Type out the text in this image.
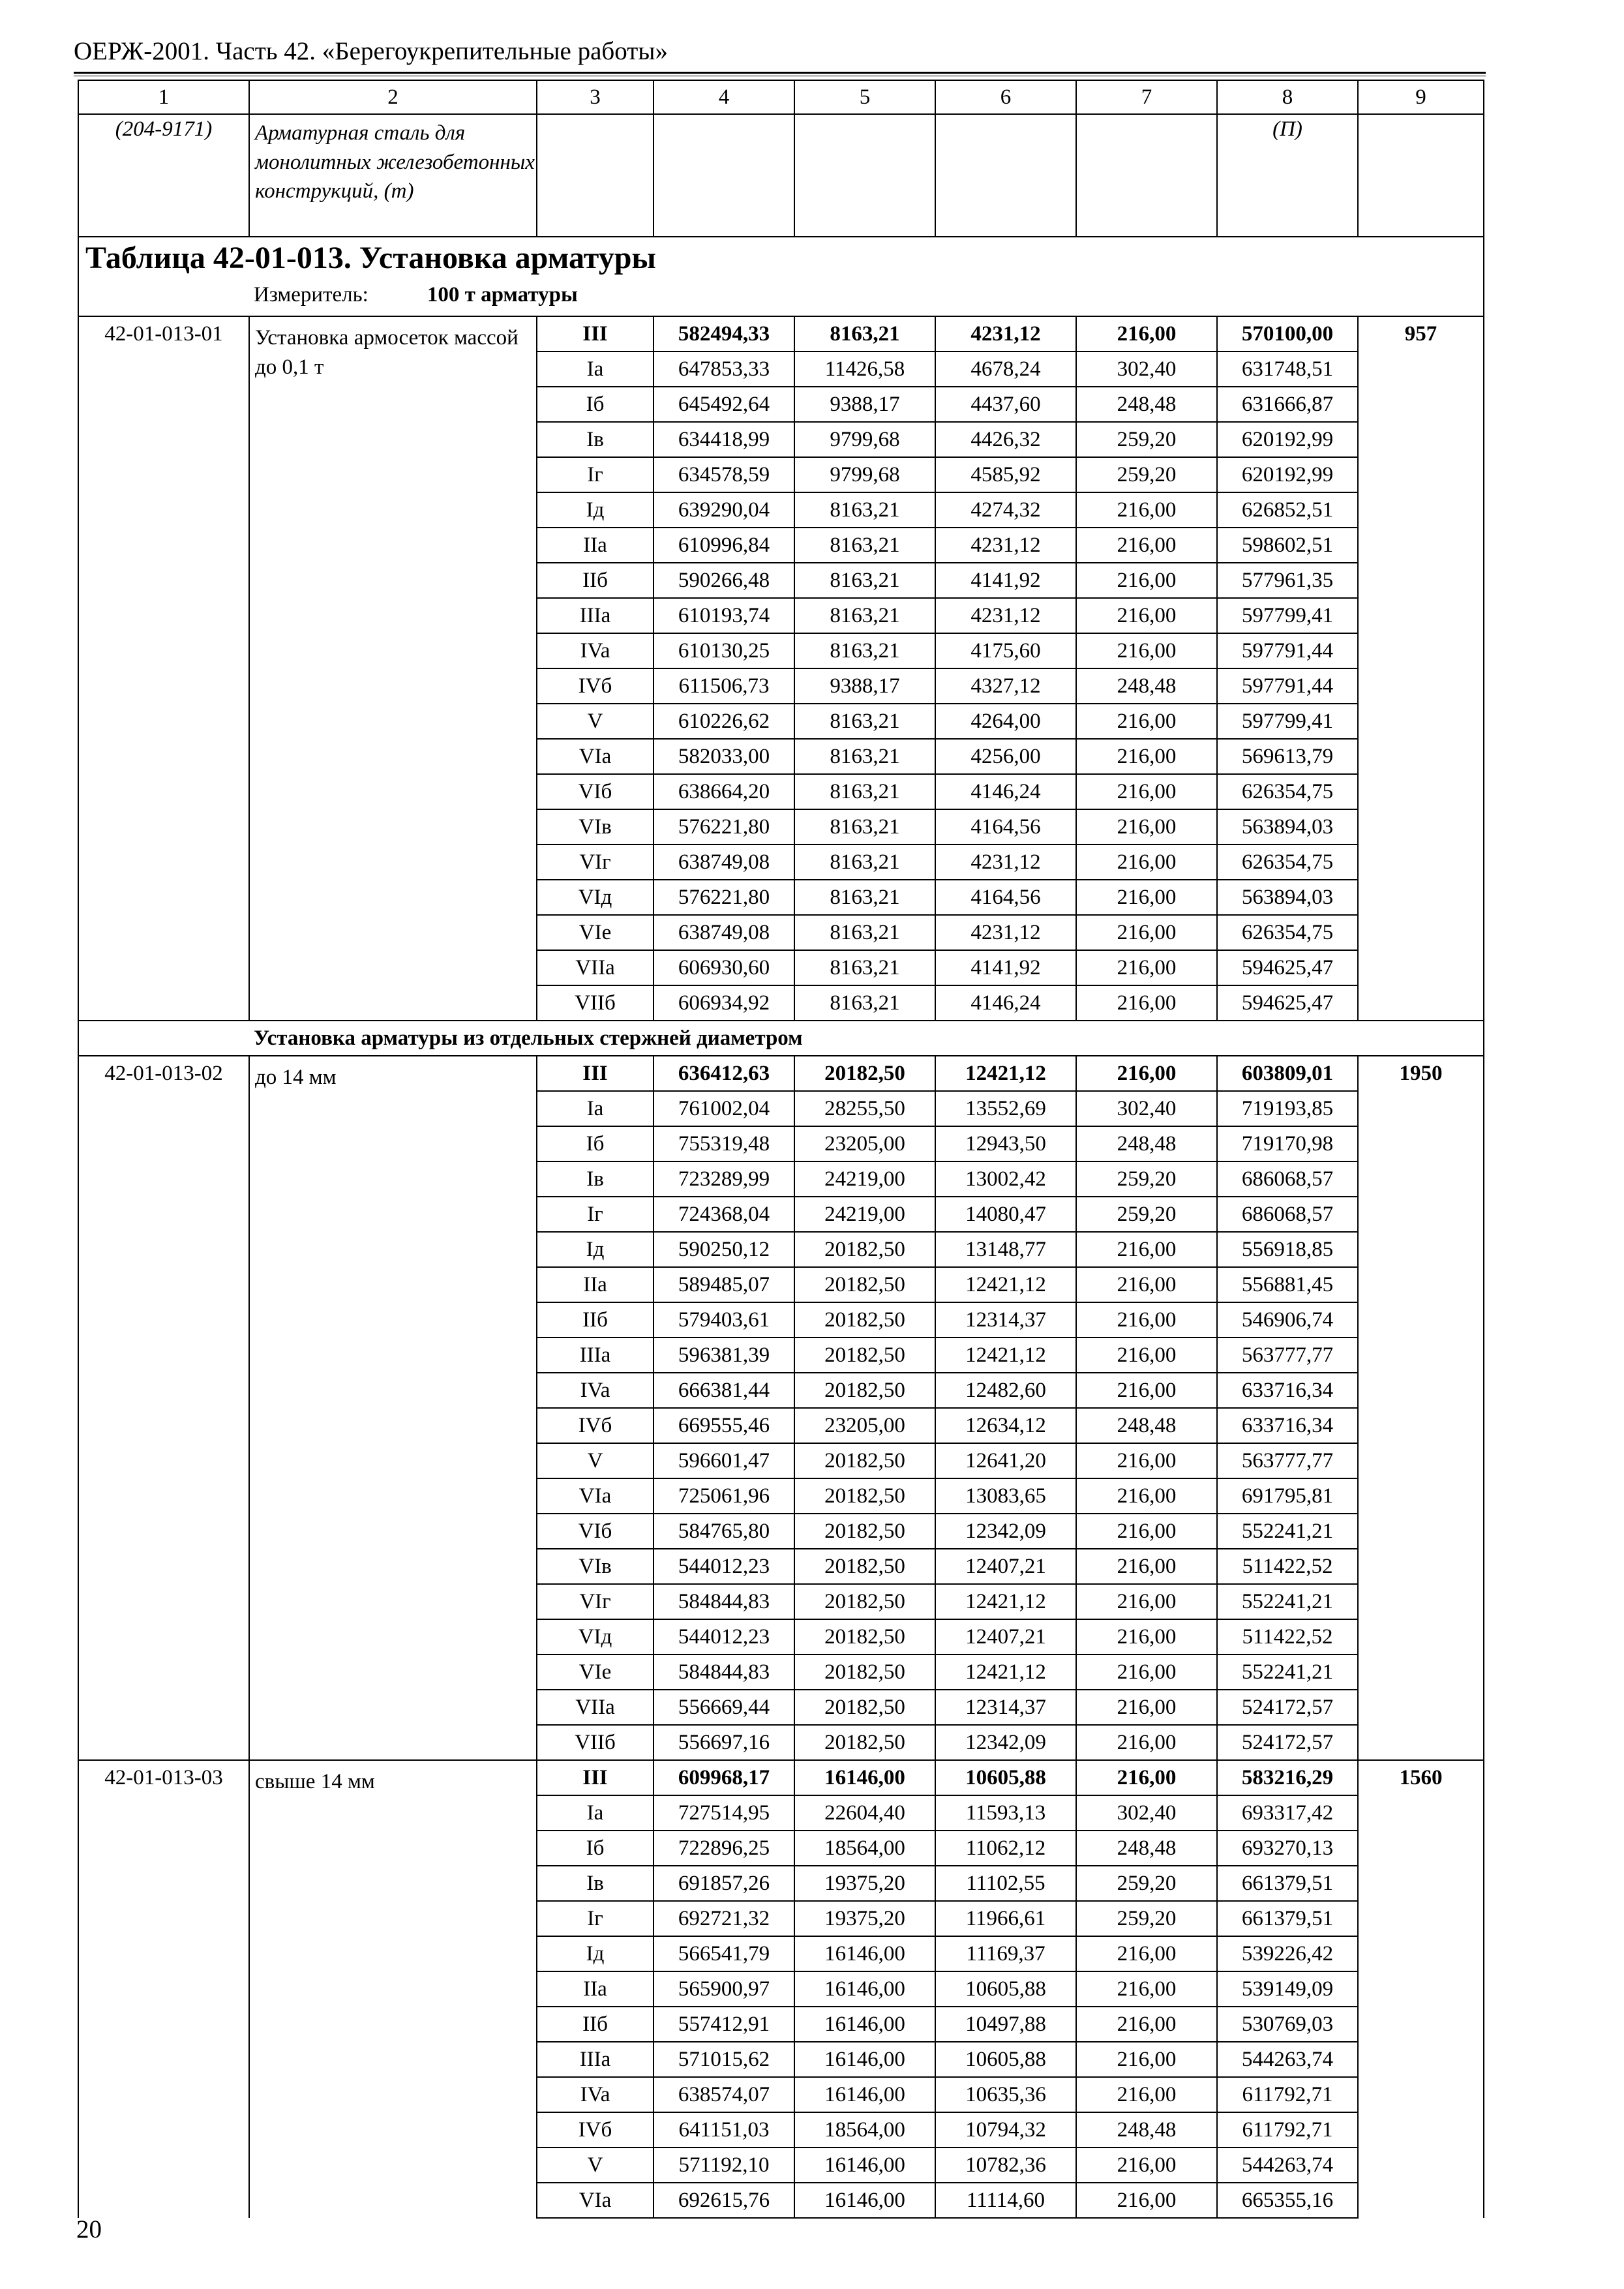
ОЕРЖ-2001. Часть 42. «Берегоукрепительные работы»
1	2	3	4	5	6	7	8	9
(204-9171)	Арматурная сталь для монолитных железобетонных конструкций, (т)						(П)	

Таблица 42-01-013. Установка арматуры
Измеритель: 100 т арматуры								

42-01-013-01	Установка армосеток массой до 0,1 т	III	582494,33	8163,21	4231,12	216,00	570100,00	957
		Ia	647853,33	11426,58	4678,24	302,40	631748,51	
		Iб	645492,64	9388,17	4437,60	248,48	631666,87	
		Iв	634418,99	9799,68	4426,32	259,20	620192,99	
		Iг	634578,59	9799,68	4585,92	259,20	620192,99	
		Iд	639290,04	8163,21	4274,32	216,00	626852,51	
		IIa	610996,84	8163,21	4231,12	216,00	598602,51	
		IIб	590266,48	8163,21	4141,92	216,00	577961,35	
		IIIa	610193,74	8163,21	4231,12	216,00	597799,41	
		IVa	610130,25	8163,21	4175,60	216,00	597791,44	
		IVб	611506,73	9388,17	4327,12	248,48	597791,44	
		V	610226,62	8163,21	4264,00	216,00	597799,41	
		VIa	582033,00	8163,21	4256,00	216,00	569613,79	
		VIб	638664,20	8163,21	4146,24	216,00	626354,75	
		VIв	576221,80	8163,21	4164,56	216,00	563894,03	
		VIг	638749,08	8163,21	4231,12	216,00	626354,75	
		VIд	576221,80	8163,21	4164,56	216,00	563894,03	
		VIe	638749,08	8163,21	4231,12	216,00	626354,75	
		VIIa	606930,60	8163,21	4141,92	216,00	594625,47	
		VIIб	606934,92	8163,21	4146,24	216,00	594625,47	
Установка арматуры из отдельных стержней диаметром								
42-01-013-02	до 14 мм	III	636412,63	20182,50	12421,12	216,00	603809,01	1950
		Ia	761002,04	28255,50	13552,69	302,40	719193,85	
		Iб	755319,48	23205,00	12943,50	248,48	719170,98	
		Iв	723289,99	24219,00	13002,42	259,20	686068,57	
		Iг	724368,04	24219,00	14080,47	259,20	686068,57	
		Iд	590250,12	20182,50	13148,77	216,00	556918,85	
		IIa	589485,07	20182,50	12421,12	216,00	556881,45	
		IIб	579403,61	20182,50	12314,37	216,00	546906,74	
		IIIa	596381,39	20182,50	12421,12	216,00	563777,77	
		IVa	666381,44	20182,50	12482,60	216,00	633716,34	
		IVб	669555,46	23205,00	12634,12	248,48	633716,34	
		V	596601,47	20182,50	12641,20	216,00	563777,77	
		VIa	725061,96	20182,50	13083,65	216,00	691795,81	
		VIб	584765,80	20182,50	12342,09	216,00	552241,21	
		VIв	544012,23	20182,50	12407,21	216,00	511422,52	
		VIг	584844,83	20182,50	12421,12	216,00	552241,21	
		VIд	544012,23	20182,50	12407,21	216,00	511422,52	
		VIe	584844,83	20182,50	12421,12	216,00	552241,21	
		VIIa	556669,44	20182,50	12314,37	216,00	524172,57	
		VIIб	556697,16	20182,50	12342,09	216,00	524172,57	
42-01-013-03	свыше 14 мм	III	609968,17	16146,00	10605,88	216,00	583216,29	1560
		Ia	727514,95	22604,40	11593,13	302,40	693317,42	
		Iб	722896,25	18564,00	11062,12	248,48	693270,13	
		Iв	691857,26	19375,20	11102,55	259,20	661379,51	
		Iг	692721,32	19375,20	11966,61	259,20	661379,51	
		Iд	566541,79	16146,00	11169,37	216,00	539226,42	
		IIa	565900,97	16146,00	10605,88	216,00	539149,09	
		IIб	557412,91	16146,00	10497,88	216,00	530769,03	
		IIIa	571015,62	16146,00	10605,88	216,00	544263,74	
		IVa	638574,07	16146,00	10635,36	216,00	611792,71	
		IVб	641151,03	18564,00	10794,32	248,48	611792,71	
		V	571192,10	16146,00	10782,36	216,00	544263,74	
		VIa	692615,76	16146,00	11114,60	216,00	665355,16	
20
